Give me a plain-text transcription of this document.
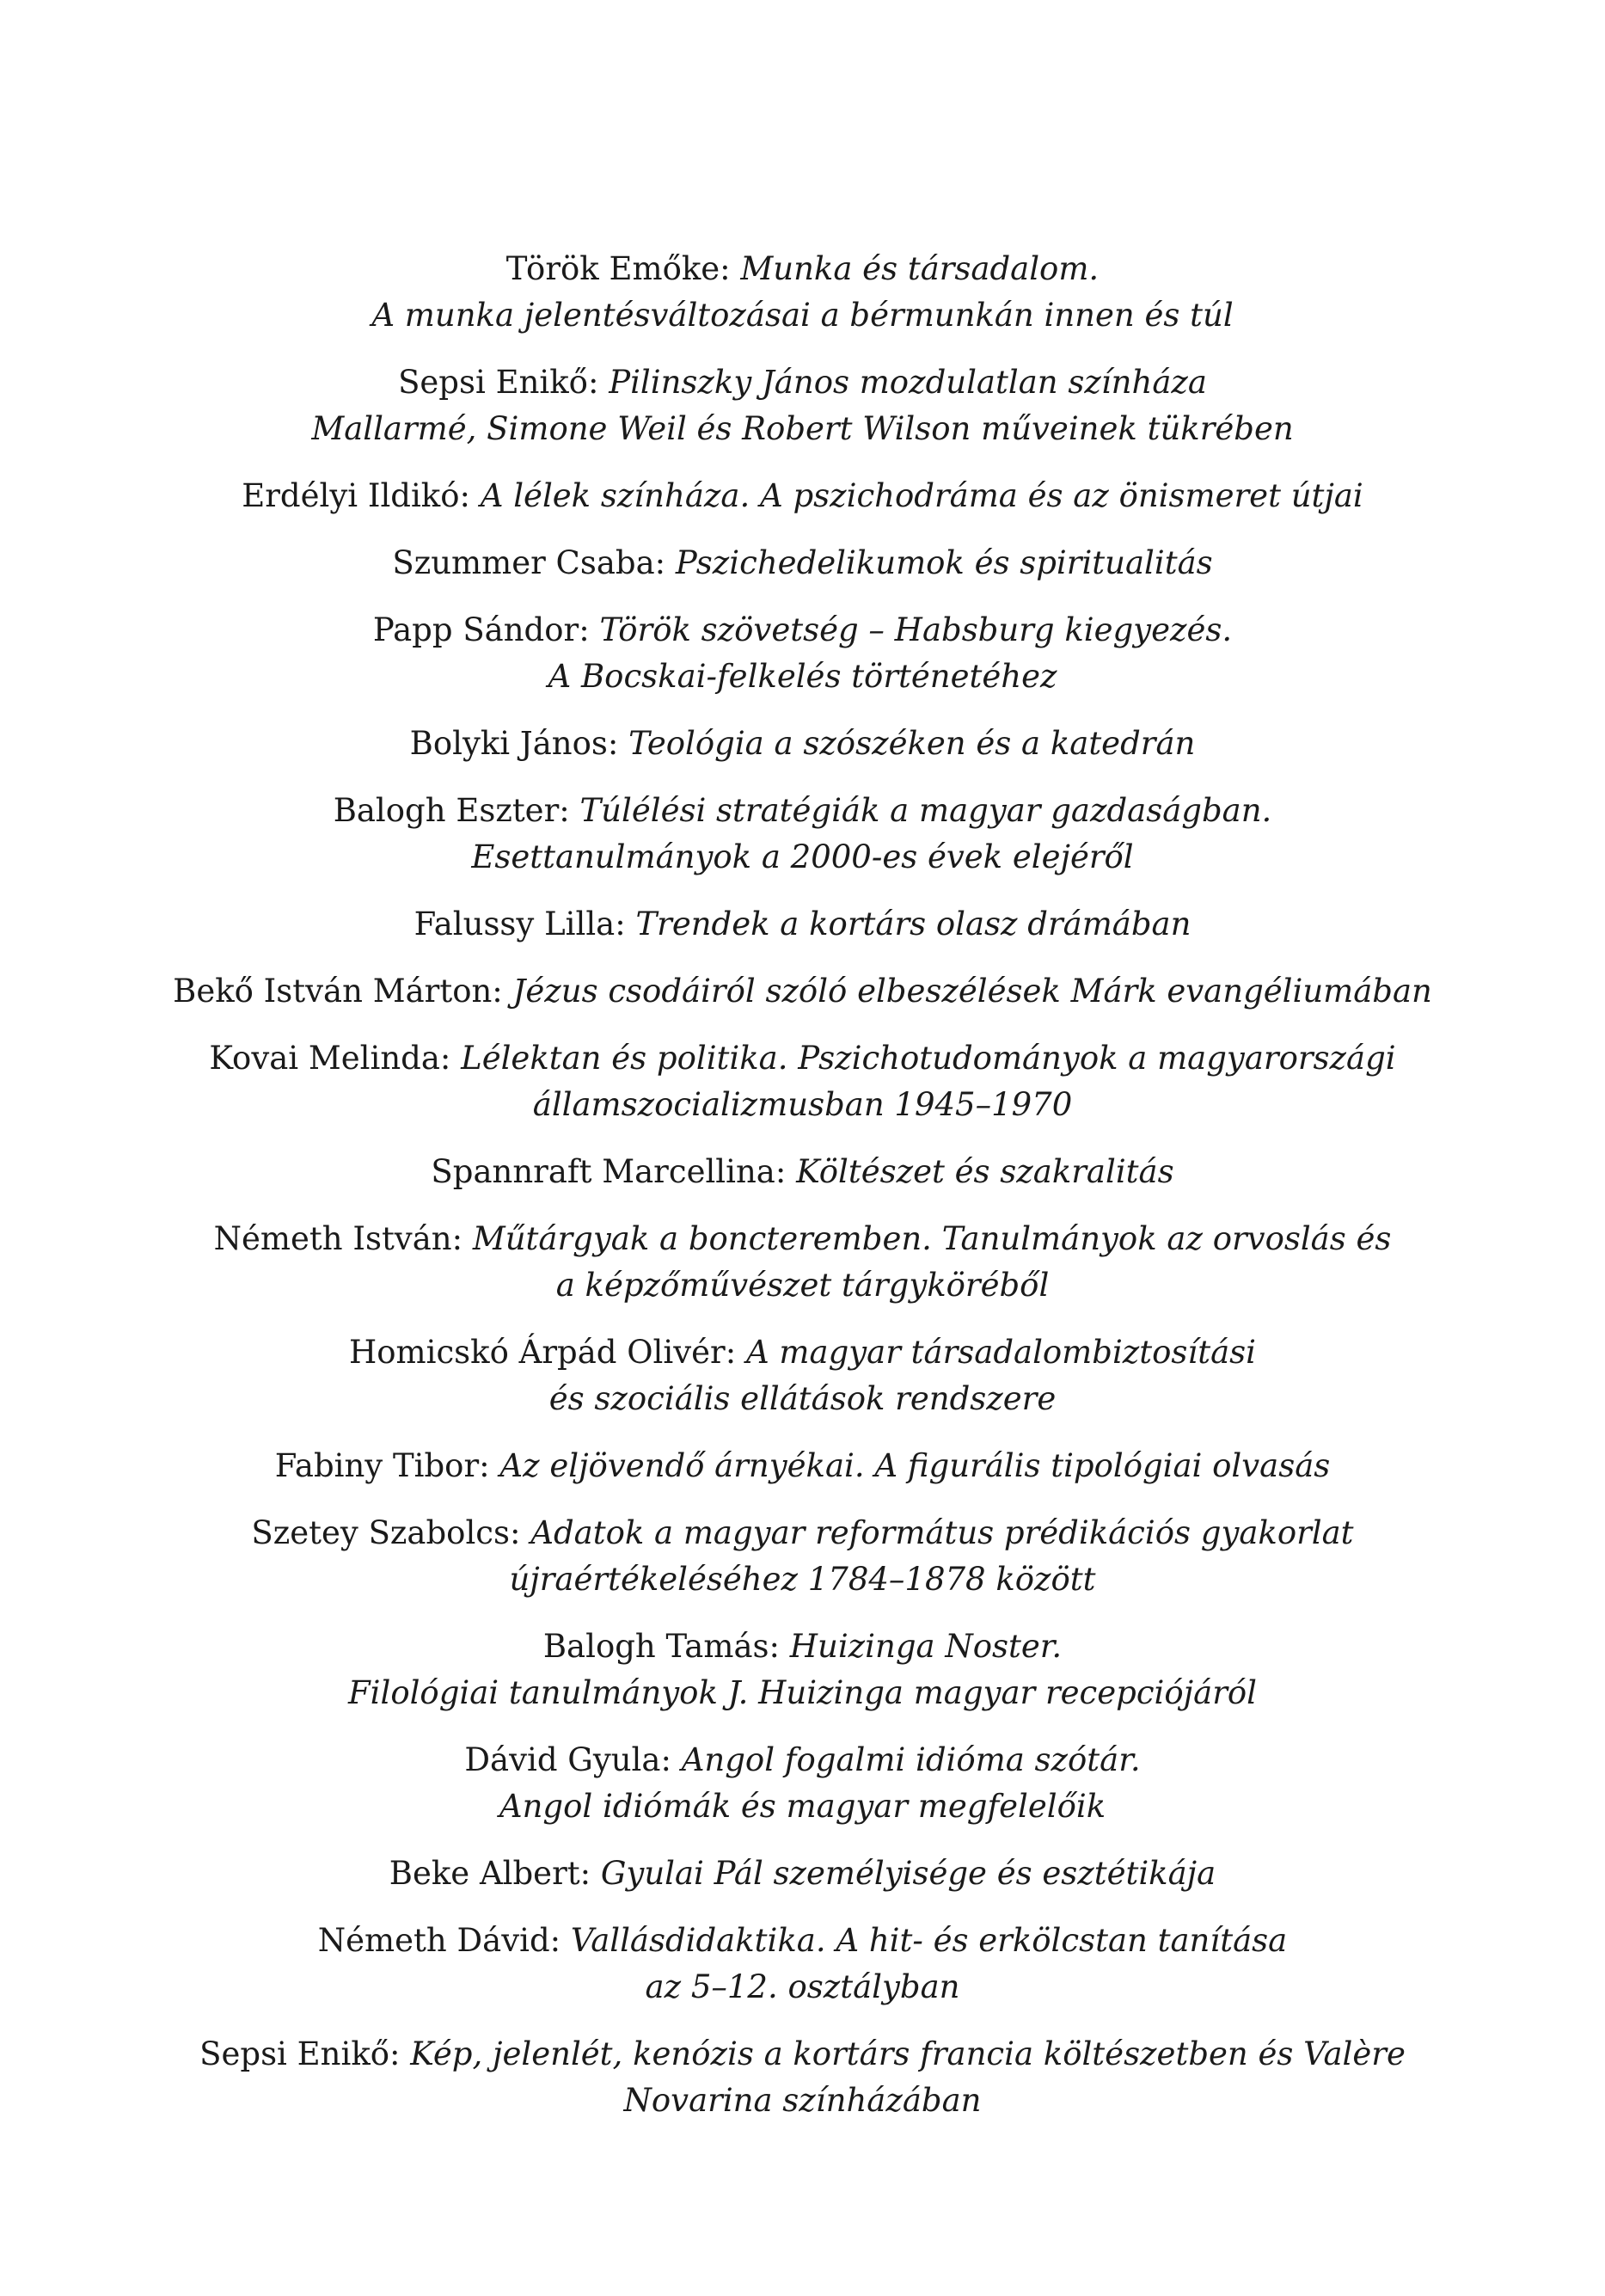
Török Emőke: Munka és társadalom.
A munka jelentésváltozásai a bérmunkán innen és túl
Sepsi Enikő: Pilinszky János mozdulatlan színháza
Mallarmé, Simone Weil és Robert Wilson műveinek tükrében
Erdélyi Ildikó: A lélek színháza. A pszichodráma és az önismeret útjai
Szummer Csaba: Pszichedelikumok és spiritualitás
Papp Sándor: Török szövetség – Habsburg kiegyezés.
A Bocskai-felkelés történetéhez
Bolyki János: Teológia a szószéken és a katedrán
Balogh Eszter: Túlélési stratégiák a magyar gazdaságban.
Esettanulmányok a 2000-es évek elejéről
Falussy Lilla: Trendek a kortárs olasz drámában
Bekő István Márton: Jézus csodáiról szóló elbeszélések Márk evangéliumában
Kovai Melinda: Lélektan és politika. Pszichotudományok a magyarországi
államszocializmusban 1945–1970
Spannraft Marcellina: Költészet és szakralitás
Németh István: Műtárgyak a boncteremben. Tanulmányok az orvoslás és
a képzőművészet tárgyköréből
Homicskó Árpád Olivér: A magyar társadalombiztosítási
és szociális ellátások rendszere
Fabiny Tibor: Az eljövendő árnyékai. A figurális tipológiai olvasás
Szetey Szabolcs: Adatok a magyar református prédikációs gyakorlat
újraértékeléséhez 1784–1878 között
Balogh Tamás: Huizinga Noster.
Filológiai tanulmányok J. Huizinga magyar recepciójáról
Dávid Gyula: Angol fogalmi idióma szótár.
Angol idiómák és magyar megfelelőik
Beke Albert: Gyulai Pál személyisége és esztétikája
Németh Dávid: Vallásdidaktika. A hit- és erkölcstan tanítása
az 5–12. osztályban
Sepsi Enikő: Kép, jelenlét, kenózis a kortárs francia költészetben és Valère
Novarina színházában
